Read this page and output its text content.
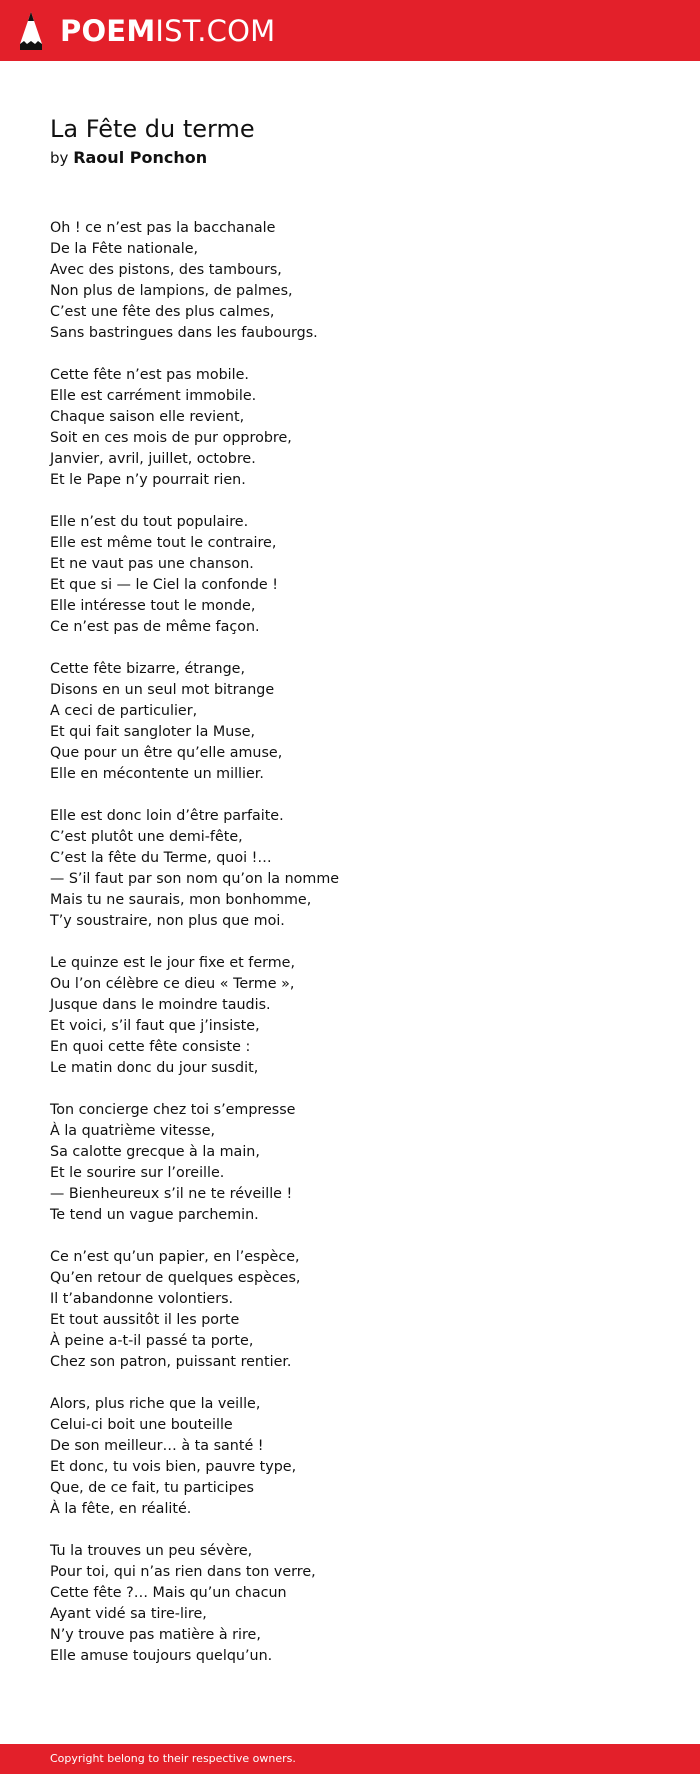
POEMIST.COM
La Fête du terme
by Raoul Ponchon
Oh ! ce n’est pas la bacchanale
De la Fête nationale,
Avec des pistons, des tambours,
Non plus de lampions, de palmes,
C’est une fête des plus calmes,
Sans bastringues dans les faubourgs.
Cette fête n’est pas mobile.
Elle est carrément immobile.
Chaque saison elle revient,
Soit en ces mois de pur opprobre,
Janvier, avril, juillet, octobre.
Et le Pape n’y pourrait rien.
Elle n’est du tout populaire.
Elle est même tout le contraire,
Et ne vaut pas une chanson.
Et que si — le Ciel la confonde !
Elle intéresse tout le monde,
Ce n’est pas de même façon.
Cette fête bizarre, étrange,
Disons en un seul mot bitrange
A ceci de particulier,
Et qui fait sangloter la Muse,
Que pour un être qu’elle amuse,
Elle en mécontente un millier.
Elle est donc loin d’être parfaite.
C’est plutôt une demi-fête,
C’est la fête du Terme, quoi !…
— S’il faut par son nom qu’on la nomme
Mais tu ne saurais, mon bonhomme,
T’y soustraire, non plus que moi.
Le quinze est le jour fixe et ferme,
Ou l’on célèbre ce dieu « Terme »,
Jusque dans le moindre taudis.
Et voici, s’il faut que j’insiste,
En quoi cette fête consiste :
Le matin donc du jour susdit,
Ton concierge chez toi s’empresse
À la quatrième vitesse,
Sa calotte grecque à la main,
Et le sourire sur l’oreille.
— Bienheureux s’il ne te réveille !
Te tend un vague parchemin.
Ce n’est qu’un papier, en l’espèce,
Qu’en retour de quelques espèces,
Il t’abandonne volontiers.
Et tout aussitôt il les porte
À peine a-t-il passé ta porte,
Chez son patron, puissant rentier.
Alors, plus riche que la veille,
Celui-ci boit une bouteille
De son meilleur… à ta santé !
Et donc, tu vois bien, pauvre type,
Que, de ce fait, tu participes
À la fête, en réalité.
Tu la trouves un peu sévère,
Pour toi, qui n’as rien dans ton verre,
Cette fête ?… Mais qu’un chacun
Ayant vidé sa tire-lire,
N’y trouve pas matière à rire,
Elle amuse toujours quelqu’un.
Copyright belong to their respective owners.
